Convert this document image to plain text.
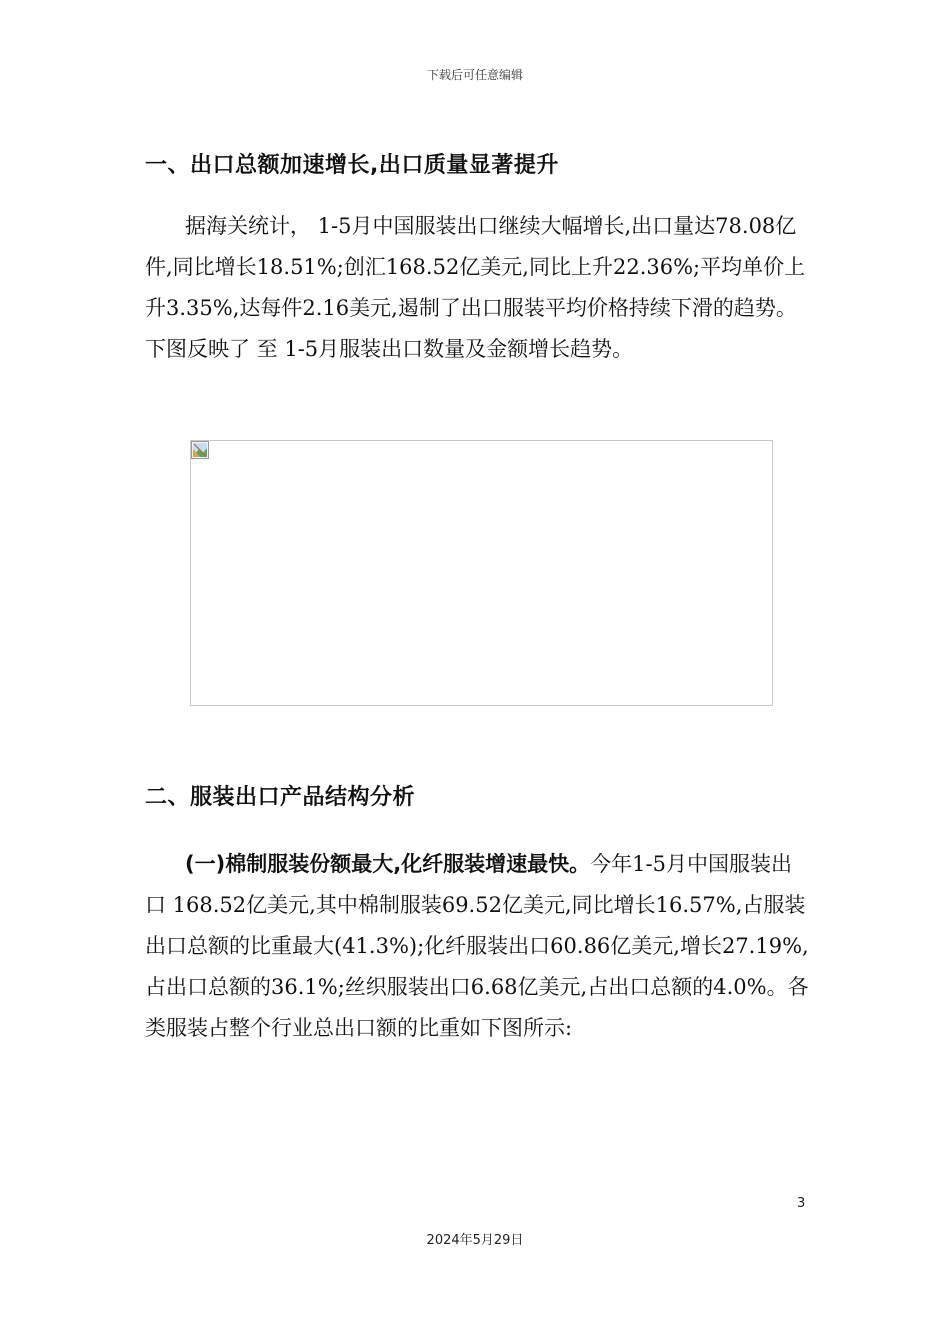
下载后可任意编辑
一、出口总额加速增长,出口质量显著提升
据海关统计， 1-5月中国服装出口继续大幅增长,出口量达78.08亿件,同比增长18.51%;创汇168.52亿美元,同比上升22.36%;平均单价上升3.35%,达每件2.16美元,遏制了出口服装平均价格持续下滑的趋势。下图反映了 至 1-5月服装出口数量及金额增长趋势。
二、服装出口产品结构分析
(一)棉制服装份额最大,化纤服装增速最快。今年1-5月中国服装出口 168.52亿美元,其中棉制服装69.52亿美元,同比增长16.57%,占服装出口总额的比重最大(41.3%);化纤服装出口60.86亿美元,增长27.19%,占出口总额的36.1%;丝织服装出口6.68亿美元,占出口总额的4.0%。各类服装占整个行业总出口额的比重如下图所示:
3
2024年5月29日
